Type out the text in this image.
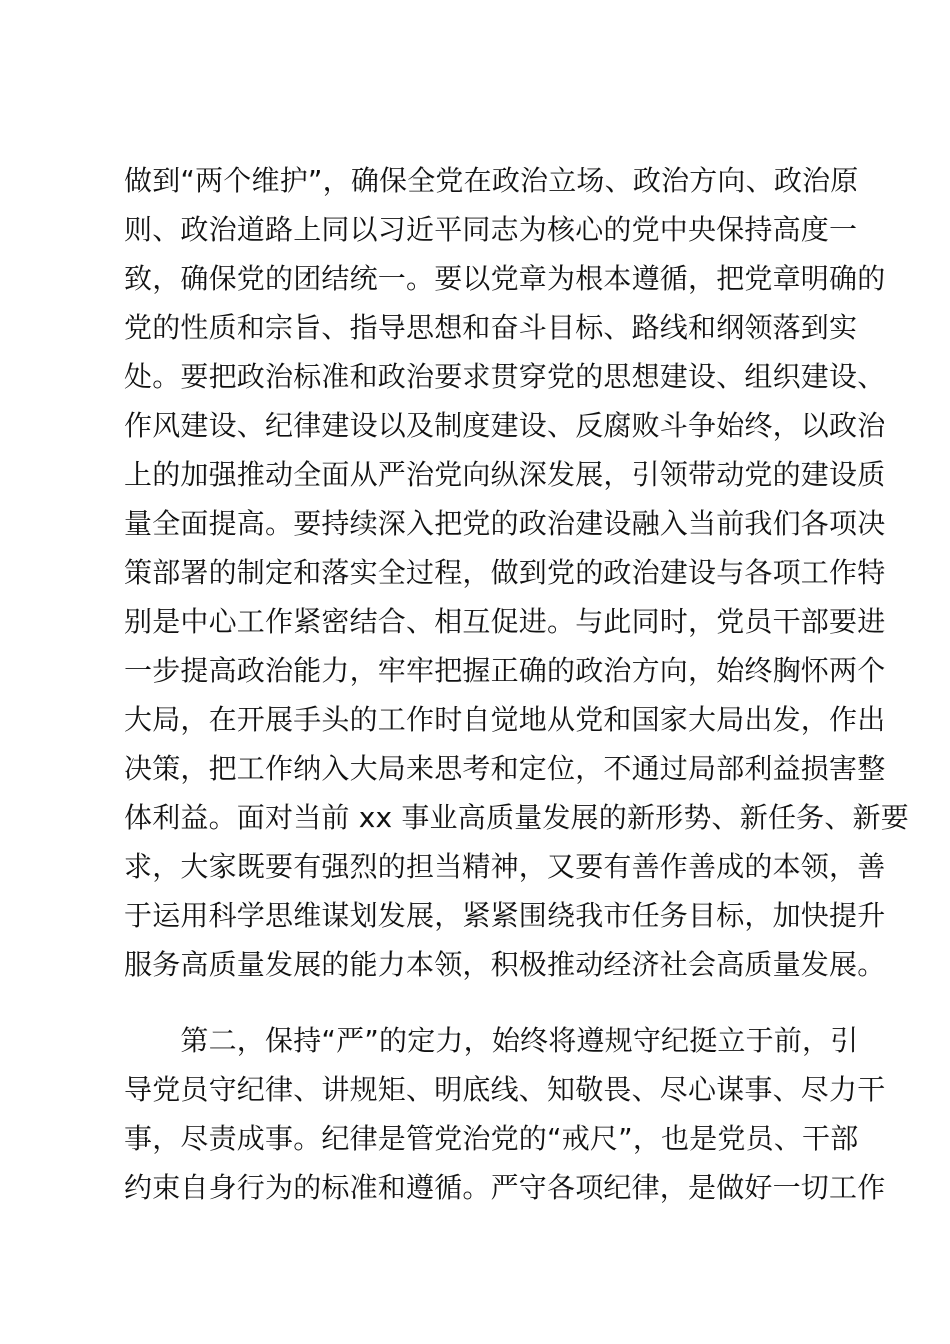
做到“两个维护”，确保全党在政治立场、政治方向、政治原
则、政治道路上同以习近平同志为核心的党中央保持高度一
致，确保党的团结统一。要以党章为根本遵循，把党章明确的
党的性质和宗旨、指导思想和奋斗目标、路线和纲领落到实
处。要把政治标准和政治要求贯穿党的思想建设、组织建设、
作风建设、纪律建设以及制度建设、反腐败斗争始终，以政治
上的加强推动全面从严治党向纵深发展，引领带动党的建设质
量全面提高。要持续深入把党的政治建设融入当前我们各项决
策部署的制定和落实全过程，做到党的政治建设与各项工作特
别是中心工作紧密结合、相互促进。与此同时，党员干部要进
一步提高政治能力，牢牢把握正确的政治方向，始终胸怀两个
大局，在开展手头的工作时自觉地从党和国家大局出发，作出
决策，把工作纳入大局来思考和定位，不通过局部利益损害整
体利益。面对当前 xx 事业高质量发展的新形势、新任务、新要
求，大家既要有强烈的担当精神，又要有善作善成的本领，善
于运用科学思维谋划发展，紧紧围绕我市任务目标，加快提升
服务高质量发展的能力本领，积极推动经济社会高质量发展。
　　第二，保持“严”的定力，始终将遵规守纪挺立于前，引
导党员守纪律、讲规矩、明底线、知敬畏、尽心谋事、尽力干
事，尽责成事。纪律是管党治党的“戒尺”，也是党员、干部
约束自身行为的标准和遵循。严守各项纪律，是做好一切工作
